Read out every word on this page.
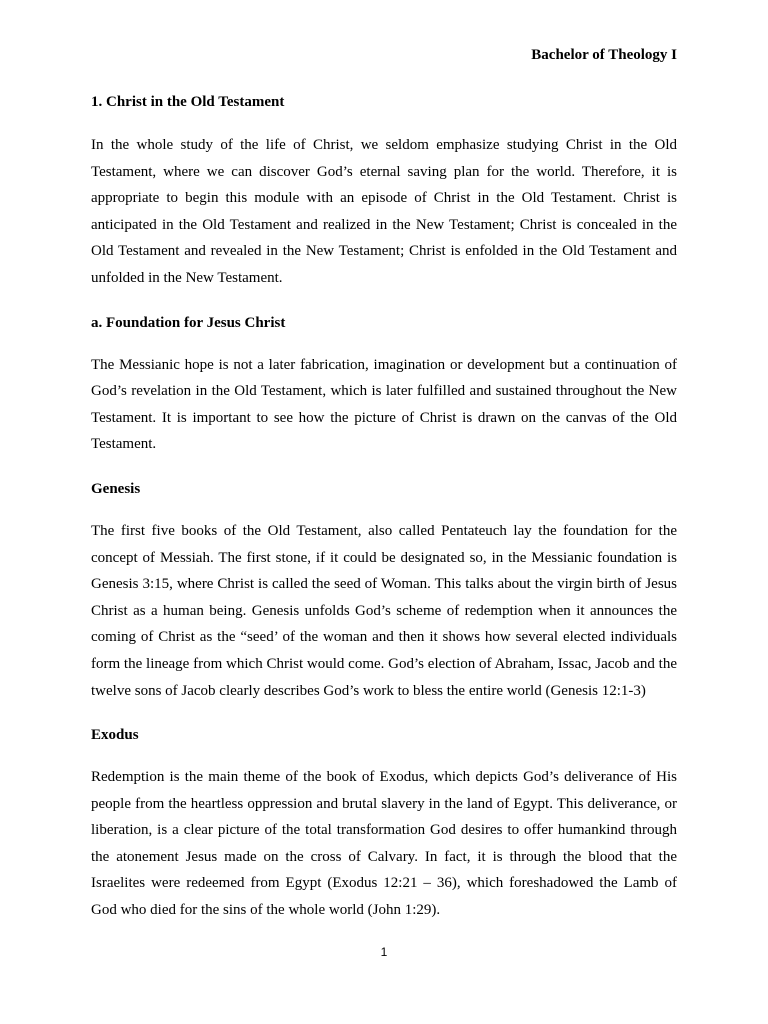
Bachelor of Theology I
1. Christ in the Old Testament

In the whole study of the life of Christ, we seldom emphasize studying Christ in the Old Testament, where we can discover God’s eternal saving plan for the world. Therefore, it is appropriate to begin this module with an episode of Christ in the Old Testament. Christ is anticipated in the Old Testament and realized in the New Testament; Christ is concealed in the Old Testament and revealed in the New Testament; Christ is enfolded in the Old Testament and unfolded in the New Testament.

a. Foundation for Jesus Christ

The Messianic hope is not a later fabrication, imagination or development but a continuation of God’s revelation in the Old Testament, which is later fulfilled and sustained throughout the New Testament. It is important to see how the picture of Christ is drawn on the canvas of the Old Testament.

Genesis

The first five books of the Old Testament, also called Pentateuch lay the foundation for the concept of Messiah. The first stone, if it could be designated so, in the Messianic foundation is Genesis 3:15, where Christ is called the seed of Woman. This talks about the virgin birth of Jesus Christ as a human being. Genesis unfolds God’s scheme of redemption when it announces the coming of Christ as the “seed’ of the woman and then it shows how several elected individuals form the lineage from which Christ would come. God’s election of Abraham, Issac, Jacob and the twelve sons of Jacob clearly describes God’s work to bless the entire world (Genesis 12:1-3)

Exodus

Redemption is the main theme of the book of Exodus, which depicts God’s deliverance of His people from the heartless oppression and brutal slavery in the land of Egypt. This deliverance, or liberation, is a clear picture of the total transformation God desires to offer humankind through the atonement Jesus made on the cross of Calvary. In fact, it is through the blood that the Israelites were redeemed from Egypt (Exodus 12:21 – 36), which foreshadowed the Lamb of God who died for the sins of the whole world (John 1:29).

1
